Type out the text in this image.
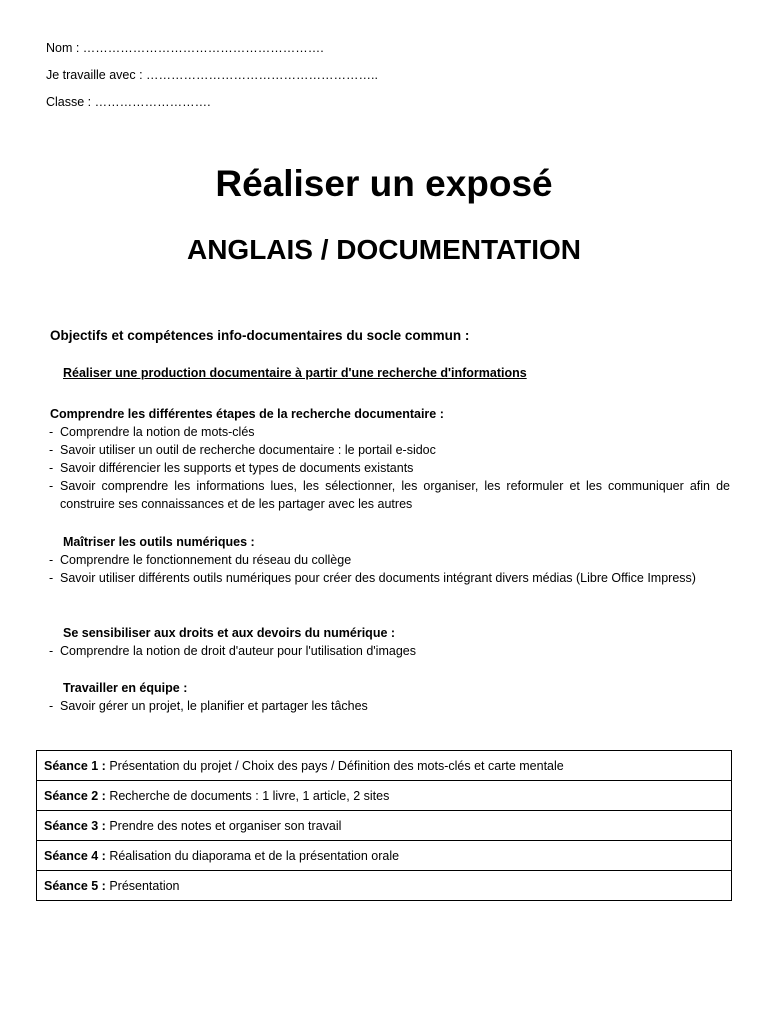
Nom : ………………………………………………….
Je travaille avec : ………………………………………………..
Classe : ……………………….
Réaliser un exposé
ANGLAIS / DOCUMENTATION
Objectifs et compétences info-documentaires du socle commun :
Réaliser une production documentaire à partir d'une recherche d'informations
Comprendre les différentes étapes de la recherche documentaire :
- Comprendre la notion de mots-clés
- Savoir utiliser un outil de recherche documentaire : le portail e-sidoc
- Savoir différencier les supports et types de documents existants
- Savoir comprendre les informations lues, les sélectionner, les organiser, les reformuler et les communiquer afin de construire ses connaissances et de les partager avec les autres
Maîtriser les outils numériques :
- Comprendre le fonctionnement du réseau du collège
- Savoir utiliser différents outils numériques pour créer des documents intégrant divers médias (Libre Office Impress)
Se sensibiliser aux droits et aux devoirs du numérique :
- Comprendre la notion de droit d'auteur pour l'utilisation d'images
Travailler en équipe :
- Savoir gérer un projet, le planifier et partager les tâches
Séance 1 : Présentation du projet / Choix des pays / Définition des mots-clés et carte mentale
Séance 2 : Recherche de documents : 1 livre, 1 article, 2 sites
Séance 3 : Prendre des notes et organiser son travail
Séance 4 : Réalisation du diaporama et de la présentation orale
Séance 5 : Présentation
